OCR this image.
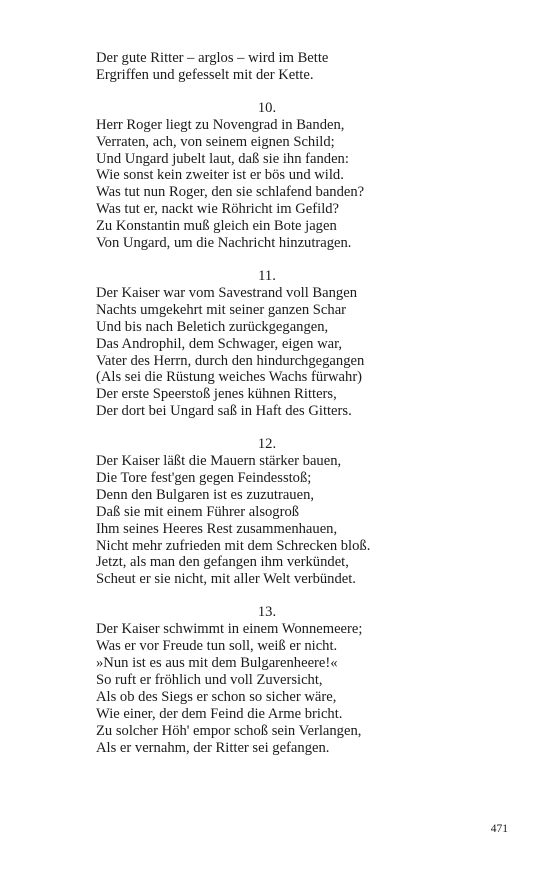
Der gute Ritter – arglos – wird im Bette
Ergriffen und gefesselt mit der Kette.
10.
Herr Roger liegt zu Novengrad in Banden,
Verraten, ach, von seinem eignen Schild;
Und Ungard jubelt laut, daß sie ihn fanden:
Wie sonst kein zweiter ist er bös und wild.
Was tut nun Roger, den sie schlafend banden?
Was tut er, nackt wie Röhricht im Gefild?
Zu Konstantin muß gleich ein Bote jagen
Von Ungard, um die Nachricht hinzutragen.
11.
Der Kaiser war vom Savestrand voll Bangen
Nachts umgekehrt mit seiner ganzen Schar
Und bis nach Beletich zurückgegangen,
Das Androphil, dem Schwager, eigen war,
Vater des Herrn, durch den hindurchgegangen
(Als sei die Rüstung weiches Wachs fürwahr)
Der erste Speerstoß jenes kühnen Ritters,
Der dort bei Ungard saß in Haft des Gitters.
12.
Der Kaiser läßt die Mauern stärker bauen,
Die Tore fest'gen gegen Feindesstoß;
Denn den Bulgaren ist es zuzutrauen,
Daß sie mit einem Führer alsogroß
Ihm seines Heeres Rest zusammenhauen,
Nicht mehr zufrieden mit dem Schrecken bloß.
Jetzt, als man den gefangen ihm verkündet,
Scheut er sie nicht, mit aller Welt verbündet.
13.
Der Kaiser schwimmt in einem Wonnemeere;
Was er vor Freude tun soll, weiß er nicht.
»Nun ist es aus mit dem Bulgarenheere!«
So ruft er fröhlich und voll Zuversicht,
Als ob des Siegs er schon so sicher wäre,
Wie einer, der dem Feind die Arme bricht.
Zu solcher Höh' empor schoß sein Verlangen,
Als er vernahm, der Ritter sei gefangen.
471
